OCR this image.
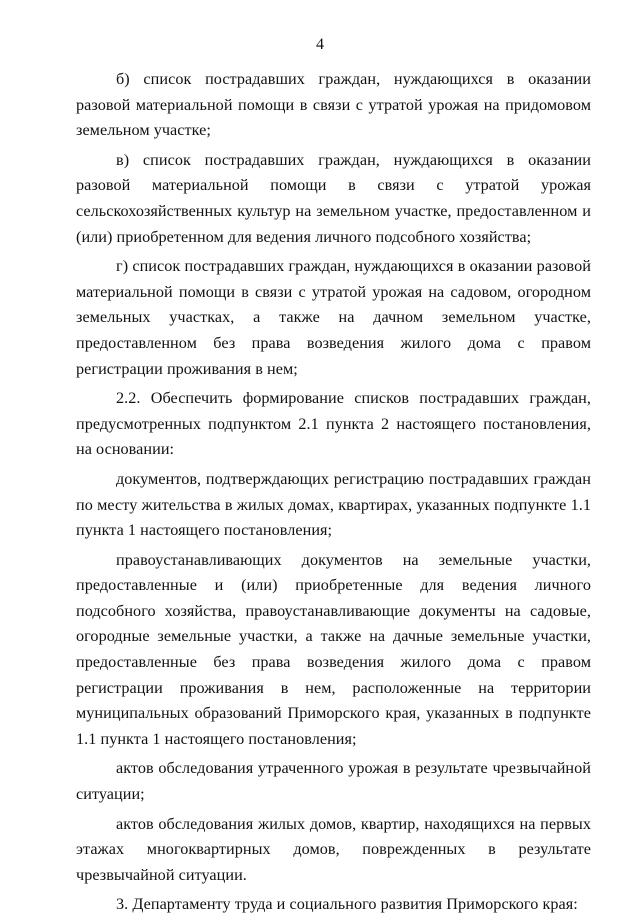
4

б) список пострадавших граждан, нуждающихся в оказании разовой материальной помощи в связи с утратой урожая на придомовом земельном участке;

в) список пострадавших граждан, нуждающихся в оказании разовой материальной помощи в связи с утратой урожая сельскохозяйственных культур на земельном участке, предоставленном и (или) приобретенном для ведения личного подсобного хозяйства;

г) список пострадавших граждан, нуждающихся в оказании разовой материальной помощи в связи с утратой урожая на садовом, огородном земельных участках, а также на дачном земельном участке, предоставленном без права возведения жилого дома с правом регистрации проживания в нем;

2.2. Обеспечить формирование списков пострадавших граждан, предусмотренных подпунктом 2.1 пункта 2 настоящего постановления, на основании:

документов, подтверждающих регистрацию пострадавших граждан по месту жительства в жилых домах, квартирах, указанных подпункте 1.1 пункта 1 настоящего постановления;

правоустанавливающих документов на земельные участки, предоставленные и (или) приобретенные для ведения личного подсобного хозяйства, правоустанавливающие документы на садовые, огородные земельные участки, а также на дачные земельные участки, предоставленные без права возведения жилого дома с правом регистрации проживания в нем, расположенные на территории муниципальных образований Приморского края, указанных в подпункте 1.1 пункта 1 настоящего постановления;

актов обследования утраченного урожая в результате чрезвычайной ситуации;

актов обследования жилых домов, квартир, находящихся на первых этажах многоквартирных домов, поврежденных в результате чрезвычайной ситуации.

3. Департаменту труда и социального развития Приморского края:
